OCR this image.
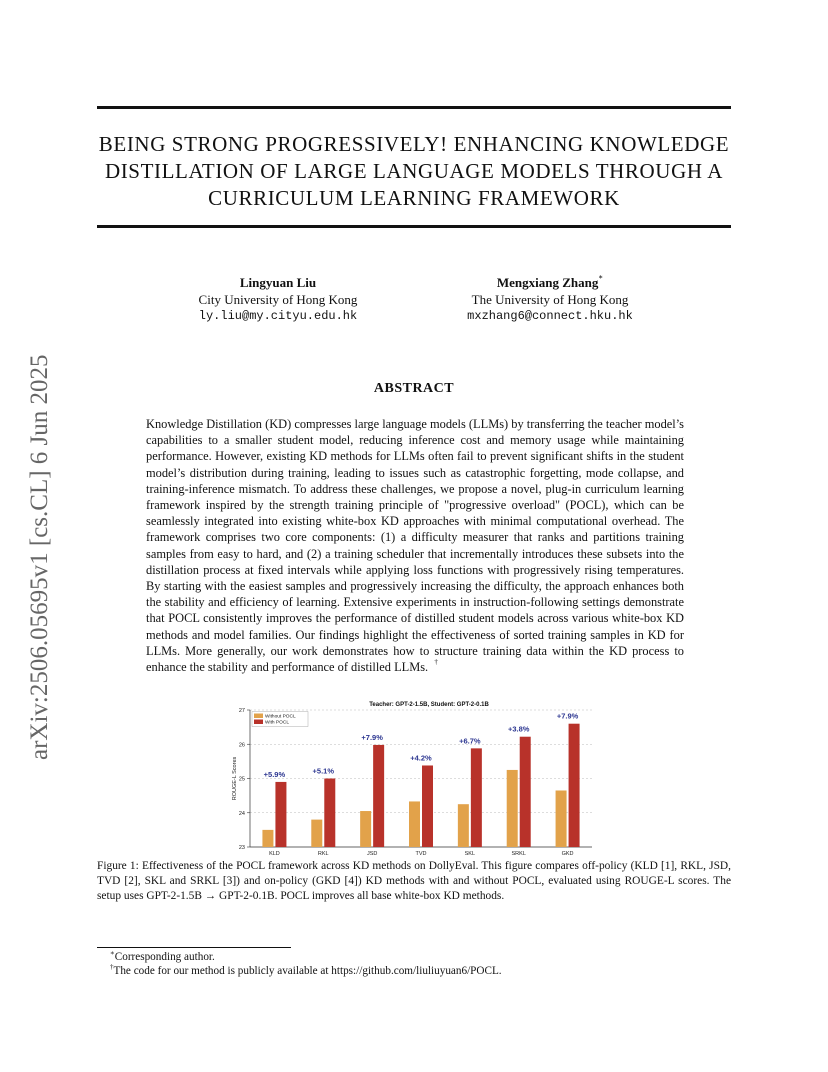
arXiv:2506.05695v1 [cs.CL] 6 Jun 2025
BEING STRONG PROGRESSIVELY! ENHANCING KNOWLEDGE
DISTILLATION OF LARGE LANGUAGE MODELS THROUGH A
CURRICULUM LEARNING FRAMEWORK
Lingyuan Liu
City University of Hong Kong
ly.liu@my.cityu.edu.hk
Mengxiang Zhang∗
The University of Hong Kong
mxzhang6@connect.hku.hk
ABSTRACT

Knowledge Distillation (KD) compresses large language models (LLMs) by transferring the teacher model’s capabilities to a smaller student model, reducing inference cost and memory usage while maintaining performance. However, existing KD methods for LLMs often fail to prevent significant shifts in the student model’s distribution during training, leading to issues such as catastrophic forgetting, mode collapse, and training-inference mismatch. To address these challenges, we propose a novel, plug-in curriculum learning framework inspired by the strength training principle of "progressive overload" (POCL), which can be seamlessly integrated into existing white-box KD approaches with minimal computational overhead. The framework comprises two core components: (1) a difficulty measurer that ranks and partitions training samples from easy to hard, and (2) a training scheduler that incrementally introduces these subsets into the distillation process at fixed intervals while applying loss functions with progressively rising temperatures. By starting with the easiest samples and progressively increasing the difficulty, the approach enhances both the stability and efficiency of learning. Extensive experiments in instruction-following settings demonstrate that POCL consistently improves the performance of distilled student models across various white-box KD methods and model families. Our findings highlight the effectiveness of sorted training samples in KD for LLMs. More generally, our work demonstrates how to structure training data within the KD process to enhance the stability and performance of distilled LLMs. †

23
24
25
26
27
ROUGE-L Scores
Teacher: GPT-2-1.5B, Student: GPT-2-0.1B
KLD
+5.9%
RKL
+5.1%
JSD
+7.9%
TVD
+4.2%
SKL
+6.7%
SRKL
+3.8%
GKD
+7.9%
Without POCL
With POCL

Figure 1: Effectiveness of the POCL framework across KD methods on DollyEval. This figure compares off-policy (KLD [1], RKL, JSD, TVD [2], SKL and SRKL [3]) and on-policy (GKD [4]) KD methods with and without POCL, evaluated using ROUGE-L scores. The setup uses GPT-2-1.5B → GPT-2-0.1B. POCL improves all base white-box KD methods.

∗Corresponding author.
†The code for our method is publicly available at https://github.com/liuliuyuan6/POCL.
